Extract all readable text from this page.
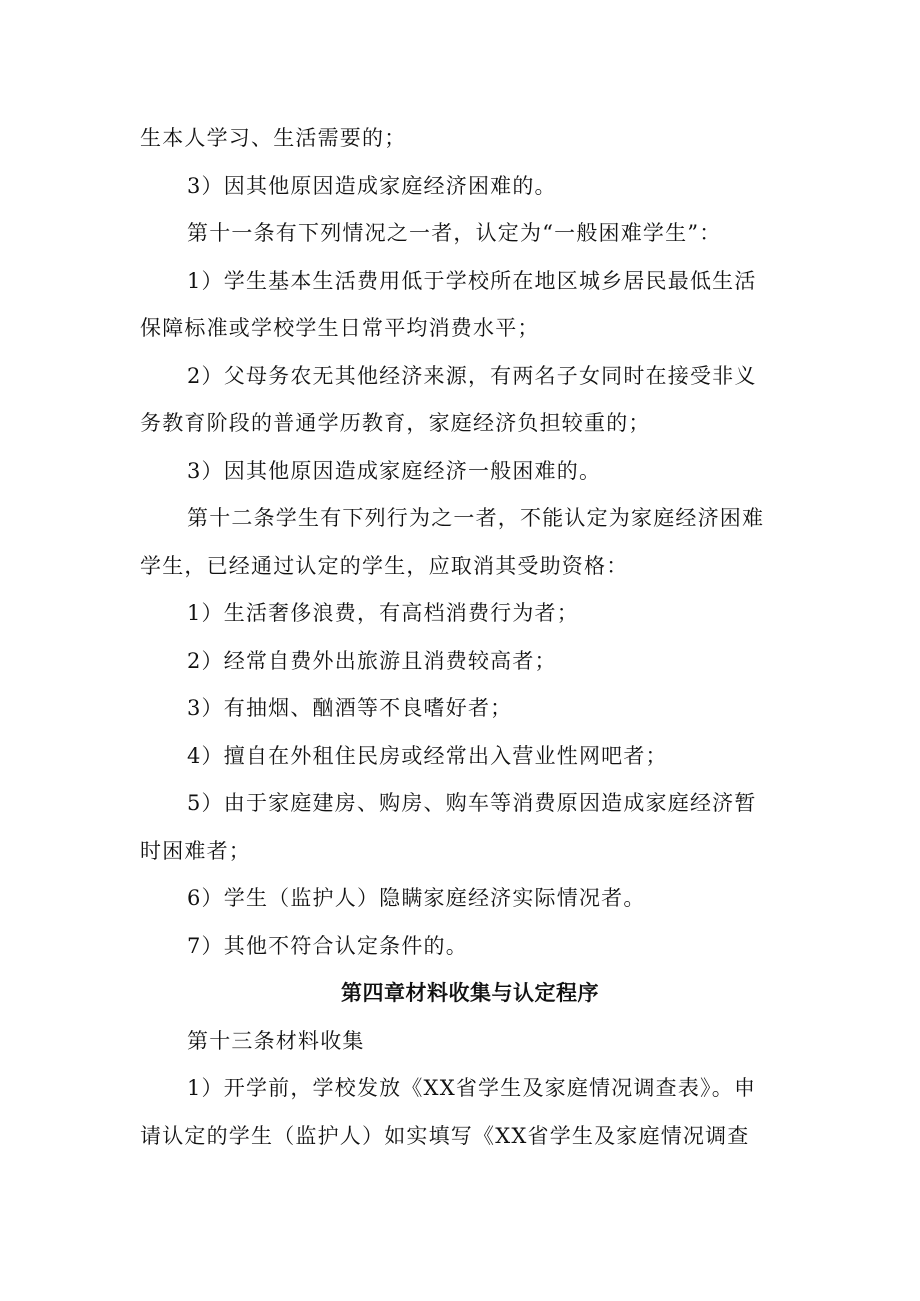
生本人学习、生活需要的；
3）因其他原因造成家庭经济困难的。
第十一条有下列情况之一者，认定为“一般困难学生”：
1）学生基本生活费用低于学校所在地区城乡居民最低生活
保障标准或学校学生日常平均消费水平；
2）父母务农无其他经济来源，有两名子女同时在接受非义
务教育阶段的普通学历教育，家庭经济负担较重的；
3）因其他原因造成家庭经济一般困难的。
第十二条学生有下列行为之一者，不能认定为家庭经济困难
学生，已经通过认定的学生，应取消其受助资格：
1）生活奢侈浪费，有高档消费行为者；
2）经常自费外出旅游且消费较高者；
3）有抽烟、酗酒等不良嗜好者；
4）擅自在外租住民房或经常出入营业性网吧者；
5）由于家庭建房、购房、购车等消费原因造成家庭经济暂
时困难者；
6）学生（监护人）隐瞒家庭经济实际情况者。
7）其他不符合认定条件的。
第四章材料收集与认定程序
第十三条材料收集
1）开学前，学校发放《XX省学生及家庭情况调查表》。申
请认定的学生（监护人）如实填写《XX省学生及家庭情况调查
